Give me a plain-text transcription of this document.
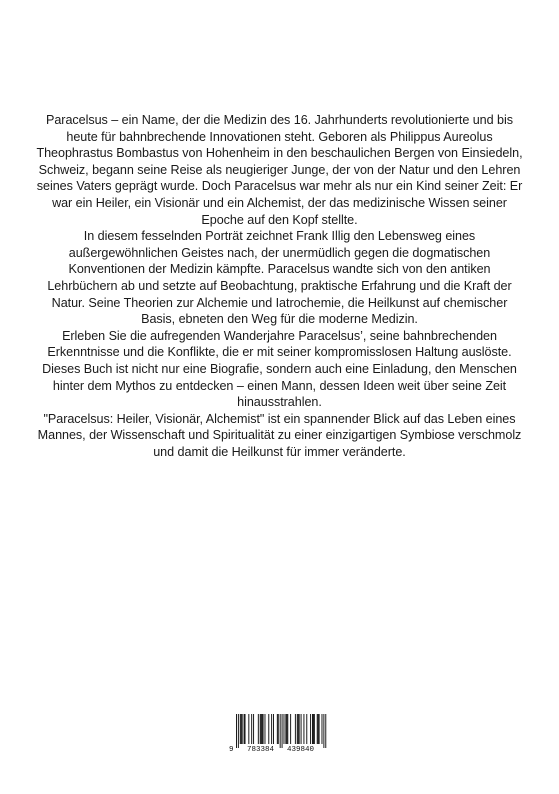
Paracelsus – ein Name, der die Medizin des 16. Jahrhunderts revolutionierte und bis heute für bahnbrechende Innovationen steht. Geboren als Philippus Aureolus Theophrastus Bombastus von Hohenheim in den beschaulichen Bergen von Einsiedeln, Schweiz, begann seine Reise als neugieriger Junge, der von der Natur und den Lehren seines Vaters geprägt wurde. Doch Paracelsus war mehr als nur ein Kind seiner Zeit: Er war ein Heiler, ein Visionär und ein Alchemist, der das medizinische Wissen seiner Epoche auf den Kopf stellte.

In diesem fesselnden Porträt zeichnet Frank Illig den Lebensweg eines außergewöhnlichen Geistes nach, der unermüdlich gegen die dogmatischen Konventionen der Medizin kämpfte. Paracelsus wandte sich von den antiken Lehrbüchern ab und setzte auf Beobachtung, praktische Erfahrung und die Kraft der Natur. Seine Theorien zur Alchemie und Iatrochemie, die Heilkunst auf chemischer Basis, ebneten den Weg für die moderne Medizin.

Erleben Sie die aufregenden Wanderjahre Paracelsus’, seine bahnbrechenden Erkenntnisse und die Konflikte, die er mit seiner kompromisslosen Haltung auslöste. Dieses Buch ist nicht nur eine Biografie, sondern auch eine Einladung, den Menschen hinter dem Mythos zu entdecken – einen Mann, dessen Ideen weit über seine Zeit hinausstrahlen.

"Paracelsus: Heiler, Visionär, Alchemist" ist ein spannender Blick auf das Leben eines Mannes, der Wissenschaft und Spiritualität zu einer einzigartigen Symbiose verschmolz und damit die Heilkunst für immer veränderte.

9 783384 439840
